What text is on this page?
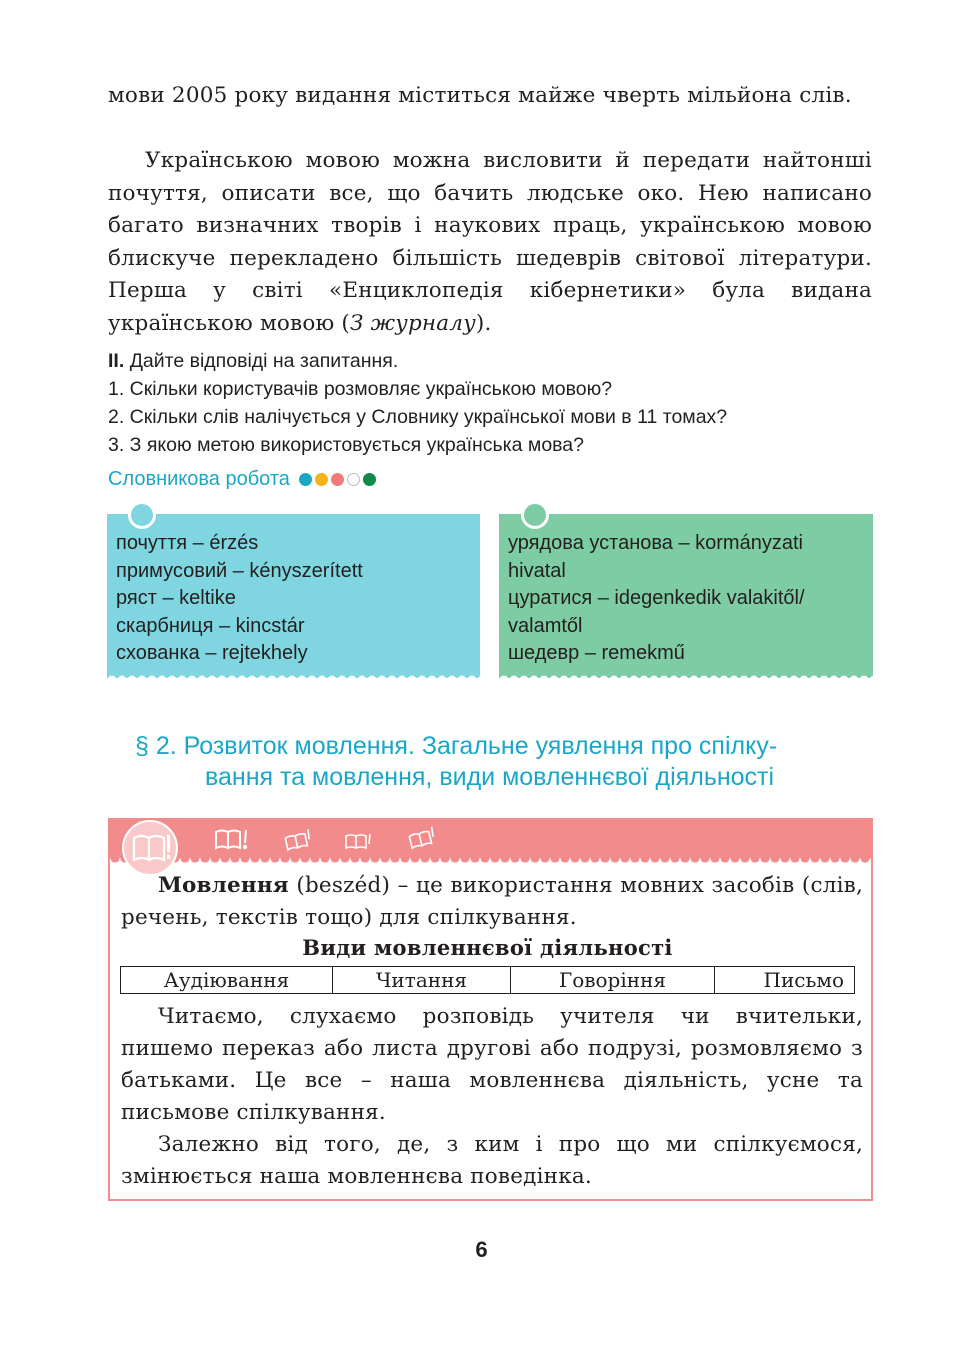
мови 2005 року видання міститься майже чверть мільйона слів.

Українською мовою можна висловити й передати найтонші почуття, описати все, що бачить людське око. Нею написано багато визначних творів і наукових праць, українською мовою блискуче перекладено більшість шедеврів світової літератури. Перша у світі «Енциклопедія кібернетики» була видана українською мовою (З журналу).

II. Дайте відповіді на запитання.
1. Скільки користувачів розмовляє українською мовою?
2. Скільки слів налічується у Словнику української мови в 11 томах?
3. З якою метою використовується українська мова?
Словникова робота
почуття – érzés
примусовий – kényszerített
ряст – keltike
скарбниця – kincstár
схованка – rejtekhely
урядова установа – kormányzati
hivatal
цуратися – idegenkedik valakitől/
valamtől
шедевр – remekmű
§ 2. Розвиток мовлення. Загальне уявлення про спілку-
вання та мовлення, види мовленнєвої діяльності

Мовлення (beszéd) – це використання мовних засобів (слів, речень, текстів тощо) для спілкування.

Види мовленнєвої діяльності
Аудіювання	Читання	Говоріння	Письмо

Читаємо, слухаємо розповідь учителя чи вчительки, пишемо переказ або листа другові або подрузі, розмовляємо з батьками. Це все – наша мовленнєва діяльність, усне та письмове спілкування.

Залежно від того, де, з ким і про що ми спілкуємося, змінюється наша мовленнєва поведінка.

6
